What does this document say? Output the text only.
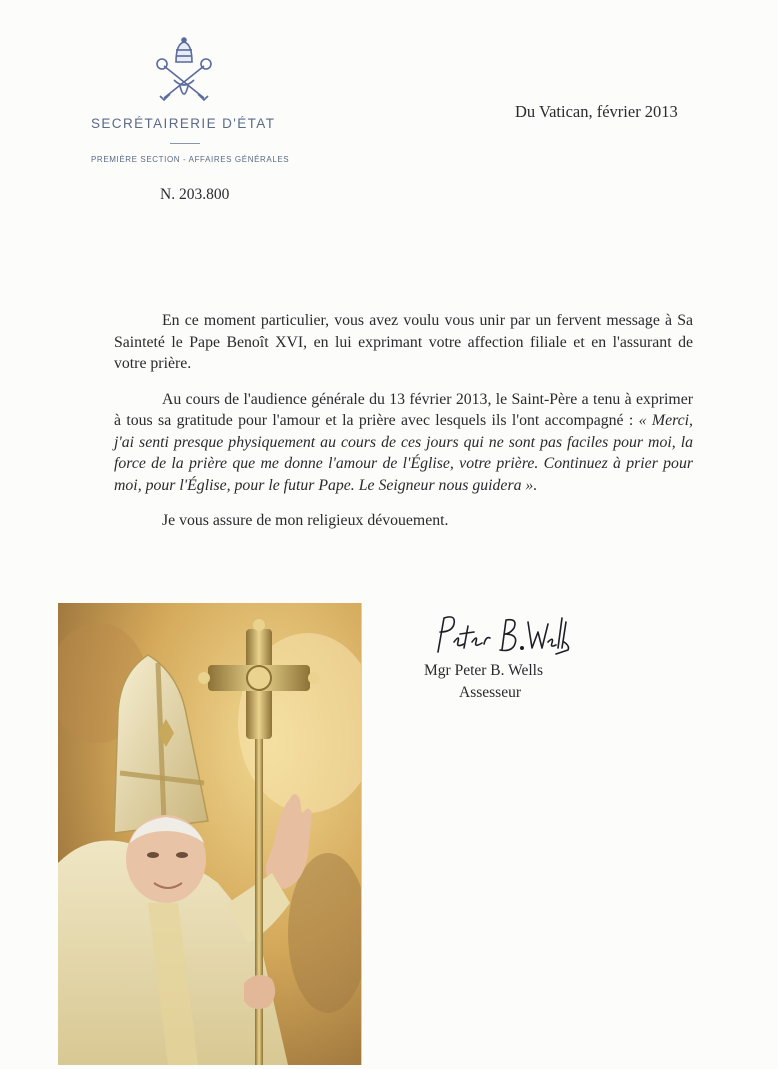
SECRÉTAIRERIE D'ÉTAT
PREMIÈRE SECTION - AFFAIRES GÉNÉRALES
N. 203.800
Du Vatican, février 2013

En ce moment particulier, vous avez voulu vous unir par un fervent message à Sa Sainteté le Pape Benoît XVI, en lui exprimant votre affection filiale et en l'assurant de votre prière.

Au cours de l'audience générale du 13 février 2013, le Saint-Père a tenu à exprimer à tous sa gratitude pour l'amour et la prière avec lesquels ils l'ont accompagné : « Merci, j'ai senti presque physiquement au cours de ces jours qui ne sont pas faciles pour moi, la force de la prière que me donne l'amour de l'Église, votre prière. Continuez à prier pour moi, pour l'Église, pour le futur Pape. Le Seigneur nous guidera ».

Je vous assure de mon religieux dévouement.

Mgr Peter B. Wells
Assesseur
